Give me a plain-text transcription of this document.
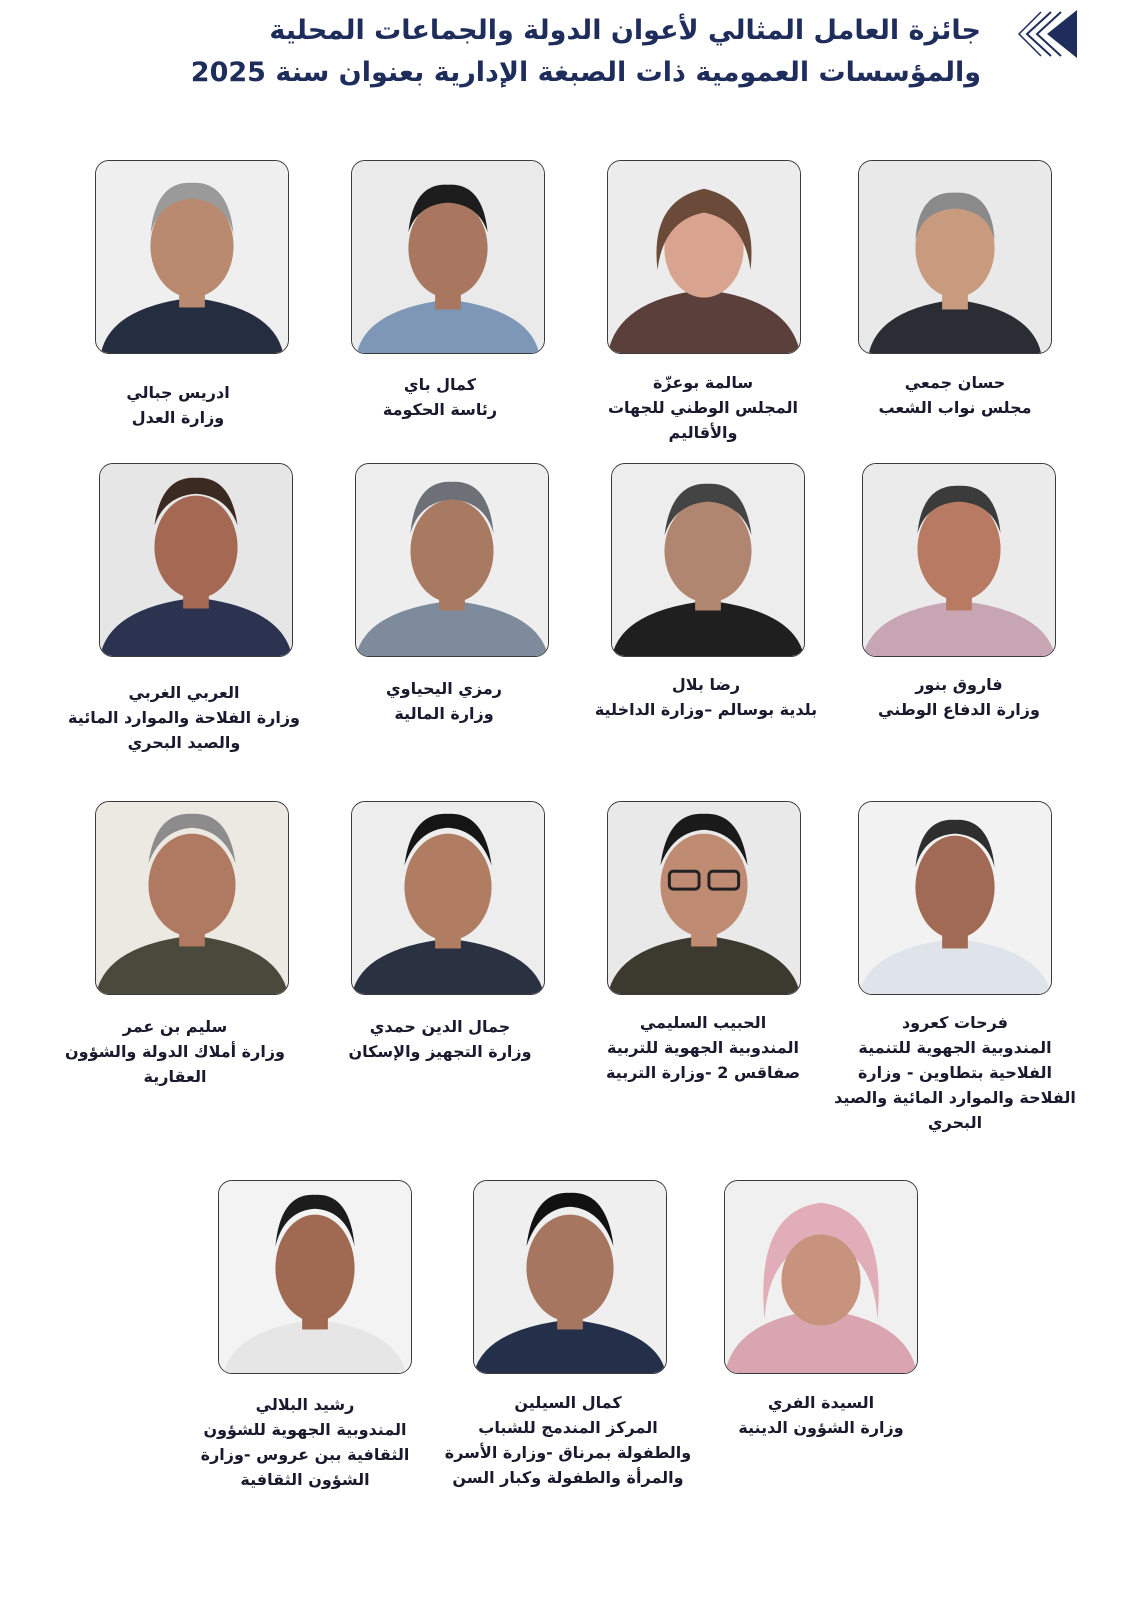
جائزة العامل المثالي لأعوان الدولة والجماعات المحلية
والمؤسسات العمومية ذات الصبغة الإدارية بعنوان سنة 2025
حسان جمعي
مجلس نواب الشعب
سالمة بوعزّة
المجلس الوطني للجهات والأقاليم
كمال باي
رئاسة الحكومة
ادريس جبالي
وزارة العدل
فاروق بنور
وزارة الدفاع الوطني
رضا بلال
بلدية بوسالم –وزارة الداخلية
رمزي اليحياوي
وزارة المالية
العربي الغربي
وزارة الفلاحة والموارد المائية والصيد البحري
فرحات كعرود
المندوبية الجهوية للتنمية الفلاحية بتطاوين - وزارة الفلاحة والموارد المائية والصيد البحري
الحبيب السليمي
المندوبية الجهوية للتربية صفاقس 2 -وزارة التربية
جمال الدين حمدي
وزارة التجهيز والإسكان
سليم بن عمر
وزارة أملاك الدولة والشؤون العقارية
السيدة الفري
وزارة الشؤون الدينية
كمال السيلين
المركز المندمج للشباب والطفولة بمرناق -وزارة الأسرة والمرأة والطفولة وكبار السن
رشيد البلالي
المندوبية الجهوية للشؤون الثقافية ببن عروس -وزارة الشؤون الثقافية
